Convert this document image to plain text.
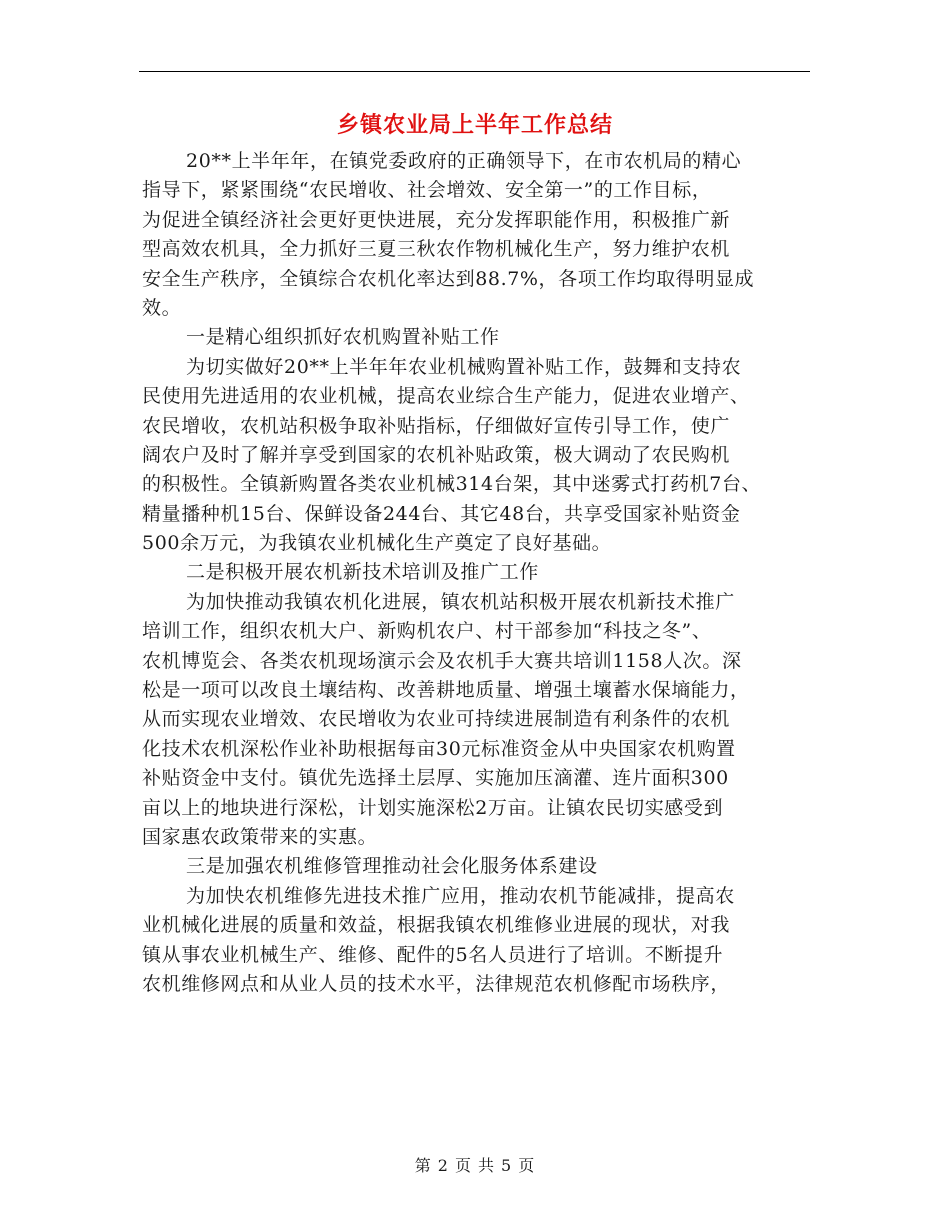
乡镇农业局上半年工作总结
20**上半年年，在镇党委政府的正确领导下，在市农机局的精心
指导下，紧紧围绕“农民增收、社会增效、安全第一”的工作目标，
为促进全镇经济社会更好更快进展，充分发挥职能作用，积极推广新
型高效农机具，全力抓好三夏三秋农作物机械化生产，努力维护农机
安全生产秩序，全镇综合农机化率达到88.7%，各项工作均取得明显成
效。
一是精心组织抓好农机购置补贴工作
为切实做好20**上半年年农业机械购置补贴工作，鼓舞和支持农
民使用先进适用的农业机械，提高农业综合生产能力，促进农业增产、
农民增收，农机站积极争取补贴指标，仔细做好宣传引导工作，使广
阔农户及时了解并享受到国家的农机补贴政策，极大调动了农民购机
的积极性。全镇新购置各类农业机械314台架，其中迷雾式打药机7台、
精量播种机15台、保鲜设备244台、其它48台，共享受国家补贴资金
500余万元，为我镇农业机械化生产奠定了良好基础。
二是积极开展农机新技术培训及推广工作
为加快推动我镇农机化进展，镇农机站积极开展农机新技术推广
培训工作，组织农机大户、新购机农户、村干部参加“科技之冬”、
农机博览会、各类农机现场演示会及农机手大赛共培训1158人次。深
松是一项可以改良土壤结构、改善耕地质量、增强土壤蓄水保墒能力，
从而实现农业增效、农民增收为农业可持续进展制造有利条件的农机
化技术农机深松作业补助根据每亩30元标准资金从中央国家农机购置
补贴资金中支付。镇优先选择土层厚、实施加压滴灌、连片面积300
亩以上的地块进行深松，计划实施深松2万亩。让镇农民切实感受到
国家惠农政策带来的实惠。
三是加强农机维修管理推动社会化服务体系建设
为加快农机维修先进技术推广应用，推动农机节能减排，提高农
业机械化进展的质量和效益，根据我镇农机维修业进展的现状，对我
镇从事农业机械生产、维修、配件的5名人员进行了培训。不断提升
农机维修网点和从业人员的技术水平，法律规范农机修配市场秩序，
第 2 页 共 5 页
